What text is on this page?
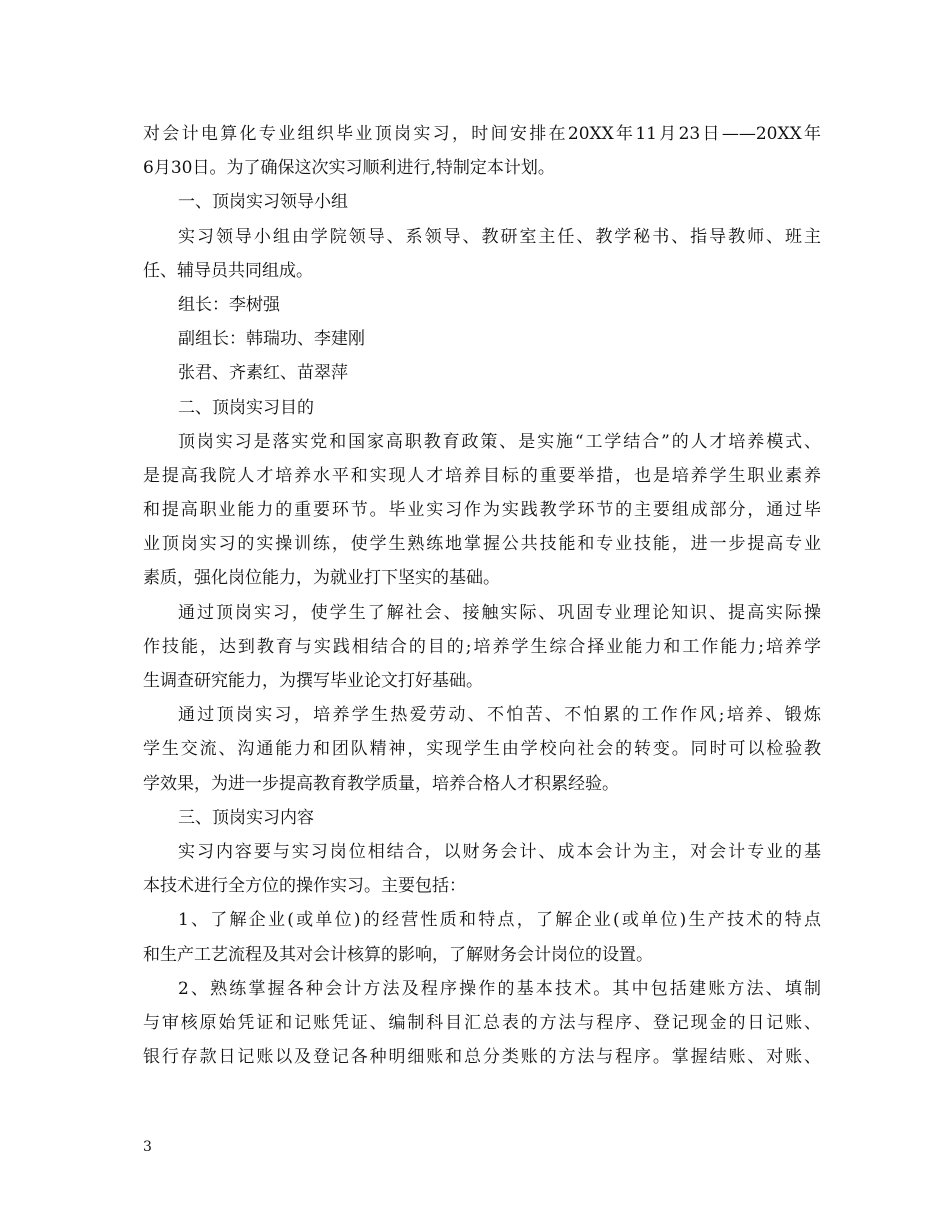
对会计电算化专业组织毕业顶岗实习，时间安排在20XX年11月23日——20XX年
6月30日。为了确保这次实习顺利进行,特制定本计划。
一、顶岗实习领导小组
实习领导小组由学院领导、系领导、教研室主任、教学秘书、指导教师、班主
任、辅导员共同组成。
组长：李树强
副组长：韩瑞功、李建刚
张君、齐素红、苗翠萍
二、顶岗实习目的
顶岗实习是落实党和国家高职教育政策、是实施“工学结合”的人才培养模式、
是提高我院人才培养水平和实现人才培养目标的重要举措，也是培养学生职业素养
和提高职业能力的重要环节。毕业实习作为实践教学环节的主要组成部分，通过毕
业顶岗实习的实操训练，使学生熟练地掌握公共技能和专业技能，进一步提高专业
素质，强化岗位能力，为就业打下坚实的基础。
通过顶岗实习，使学生了解社会、接触实际、巩固专业理论知识、提高实际操
作技能，达到教育与实践相结合的目的;培养学生综合择业能力和工作能力;培养学
生调查研究能力，为撰写毕业论文打好基础。
通过顶岗实习，培养学生热爱劳动、不怕苦、不怕累的工作作风;培养、锻炼
学生交流、沟通能力和团队精神，实现学生由学校向社会的转变。同时可以检验教
学效果，为进一步提高教育教学质量，培养合格人才积累经验。
三、顶岗实习内容
实习内容要与实习岗位相结合，以财务会计、成本会计为主，对会计专业的基
本技术进行全方位的操作实习。主要包括：
1、了解企业(或单位)的经营性质和特点，了解企业(或单位)生产技术的特点
和生产工艺流程及其对会计核算的影响，了解财务会计岗位的设置。
2、熟练掌握各种会计方法及程序操作的基本技术。其中包括建账方法、填制
与审核原始凭证和记账凭证、编制科目汇总表的方法与程序、登记现金的日记账、
银行存款日记账以及登记各种明细账和总分类账的方法与程序。掌握结账、对账、
3
